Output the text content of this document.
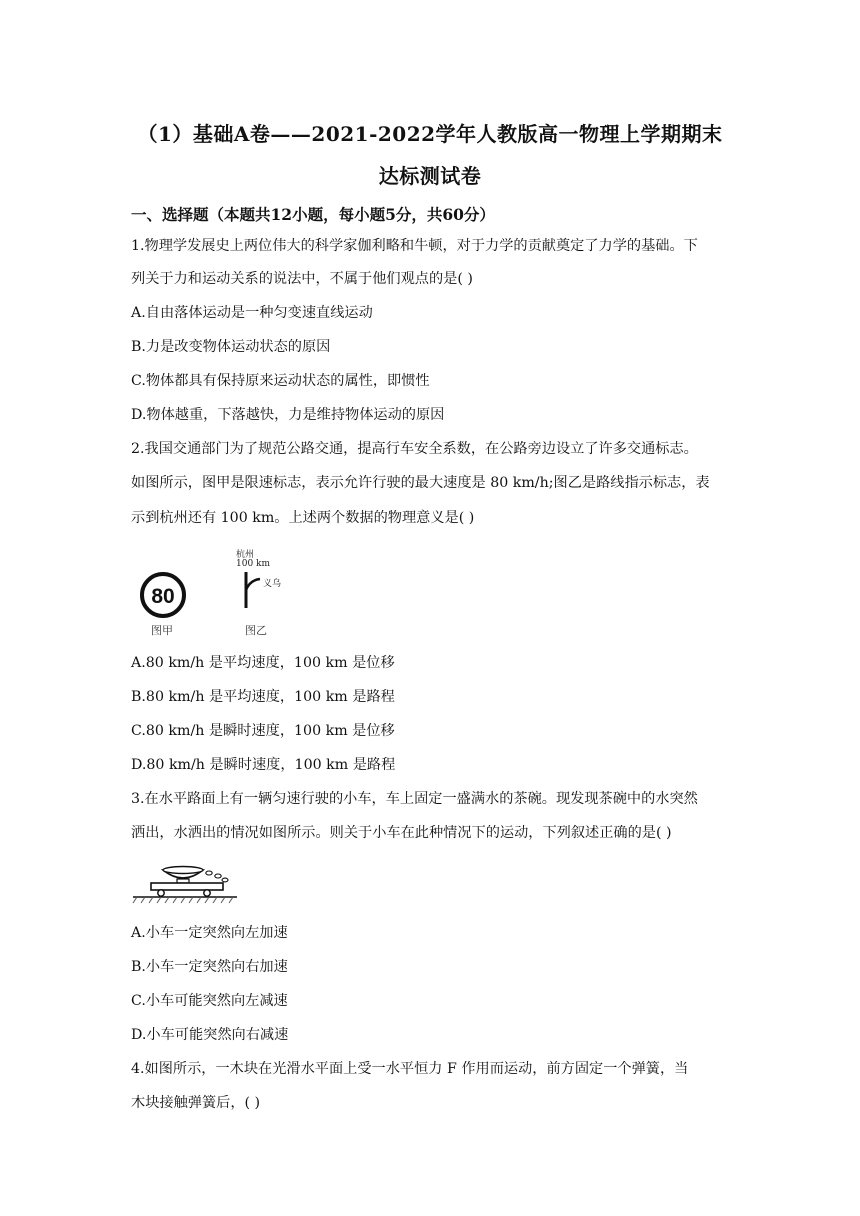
（1）基础A卷——2021-2022学年人教版高一物理上学期期末
达标测试卷
一、选择题（本题共12小题，每小题5分，共60分）
1.物理学发展史上两位伟大的科学家伽利略和牛顿，对于力学的贡献奠定了力学的基础。下
列关于力和运动关系的说法中，不属于他们观点的是( )
A.自由落体运动是一种匀变速直线运动
B.力是改变物体运动状态的原因
C.物体都具有保持原来运动状态的属性，即惯性
D.物体越重，下落越快，力是维持物体运动的原因
2.我国交通部门为了规范公路交通，提高行车安全系数，在公路旁边设立了许多交通标志。
如图所示，图甲是限速标志，表示允许行驶的最大速度是 80 km/h;图乙是路线指示标志，表
示到杭州还有 100 km。上述两个数据的物理意义是( )
80
图甲
杭州
100 km
义乌
图乙
A.80 km/h 是平均速度，100 km 是位移
B.80 km/h 是平均速度，100 km 是路程
C.80 km/h 是瞬时速度，100 km 是位移
D.80 km/h 是瞬时速度，100 km 是路程
3.在水平路面上有一辆匀速行驶的小车，车上固定一盛满水的茶碗。现发现茶碗中的水突然
洒出，水洒出的情况如图所示。则关于小车在此种情况下的运动，下列叙述正确的是( )
A.小车一定突然向左加速
B.小车一定突然向右加速
C.小车可能突然向左减速
D.小车可能突然向右减速
4.如图所示，一木块在光滑水平面上受一水平恒力 F 作用而运动，前方固定一个弹簧，当
木块接触弹簧后，( )
